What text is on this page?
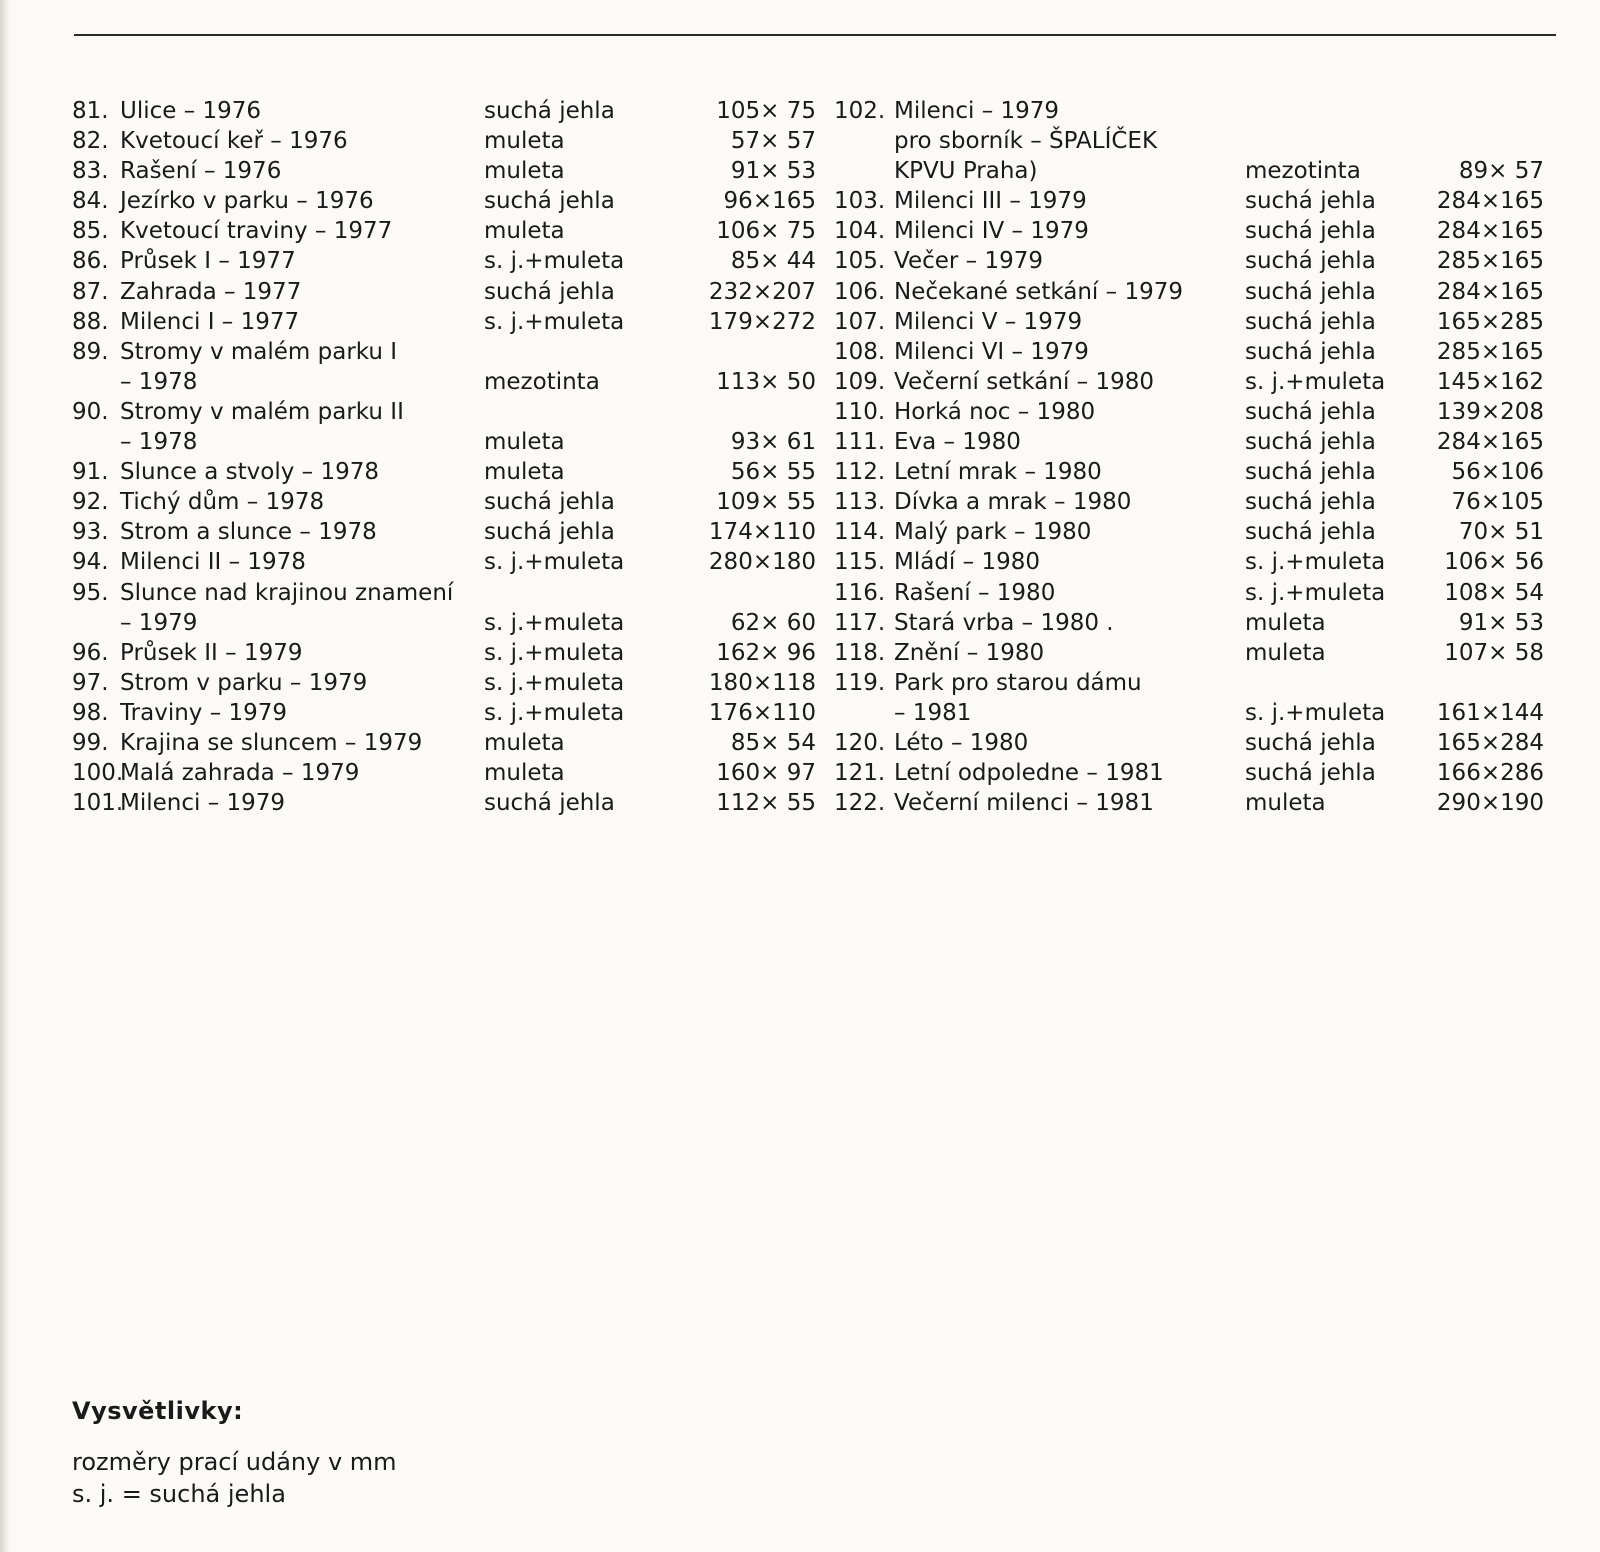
81. Ulice – 1976	suchá jehla	105× 75
82. Kvetoucí keř – 1976	muleta	57× 57
83. Rašení – 1976	muleta	91× 53
84. Jezírko v parku – 1976	suchá jehla	96×165
85. Kvetoucí traviny – 1977	muleta	106× 75
86. Průsek I – 1977	s. j.+muleta	85× 44
87. Zahrada – 1977	suchá jehla	232×207
88. Milenci I – 1977	s. j.+muleta	179×272
89. Stromy v malém parku I
– 1978	mezotinta	113× 50
90. Stromy v malém parku II
– 1978	muleta	93× 61
91. Slunce a stvoly – 1978	muleta	56× 55
92. Tichý dům – 1978	suchá jehla	109× 55
93. Strom a slunce – 1978	suchá jehla	174×110
94. Milenci II – 1978	s. j.+muleta	280×180
95. Slunce nad krajinou znamení
– 1979	s. j.+muleta	62× 60
96. Průsek II – 1979	s. j.+muleta	162× 96
97. Strom v parku – 1979	s. j.+muleta	180×118
98. Traviny – 1979	s. j.+muleta	176×110
99. Krajina se sluncem – 1979	muleta	85× 54
100.
Malá zahrada – 1979	muleta	160× 97
101.
Milenci – 1979	suchá jehla	112× 55
102. Milenci – 1979
pro sborník – ŠPALÍČEK
KPVU Praha)	mezotinta	89× 57
103. Milenci III – 1979	suchá jehla	284×165
104. Milenci IV – 1979	suchá jehla	284×165
105. Večer – 1979	suchá jehla	285×165
106. Nečekané setkání – 1979	suchá jehla	284×165
107. Milenci V – 1979	suchá jehla	165×285
108. Milenci VI – 1979	suchá jehla	285×165
109. Večerní setkání – 1980	s. j.+muleta	145×162
110. Horká noc – 1980	suchá jehla	139×208
111. Eva – 1980	suchá jehla	284×165
112. Letní mrak – 1980	suchá jehla	56×106
113. Dívka a mrak – 1980	suchá jehla	76×105
114. Malý park – 1980	suchá jehla	70× 51
115. Mládí – 1980	s. j.+muleta	106× 56
116. Rašení – 1980	s. j.+muleta	108× 54
117. Stará vrba – 1980 .	muleta	91× 53
118. Znění – 1980	muleta	107× 58
119. Park pro starou dámu
– 1981	s. j.+muleta	161×144
120. Léto – 1980	suchá jehla	165×284
121. Letní odpoledne – 1981	suchá jehla	166×286
122. Večerní milenci – 1981	muleta	290×190
Vysvětlivky:
rozměry prací udány v mm
s. j. = suchá jehla
